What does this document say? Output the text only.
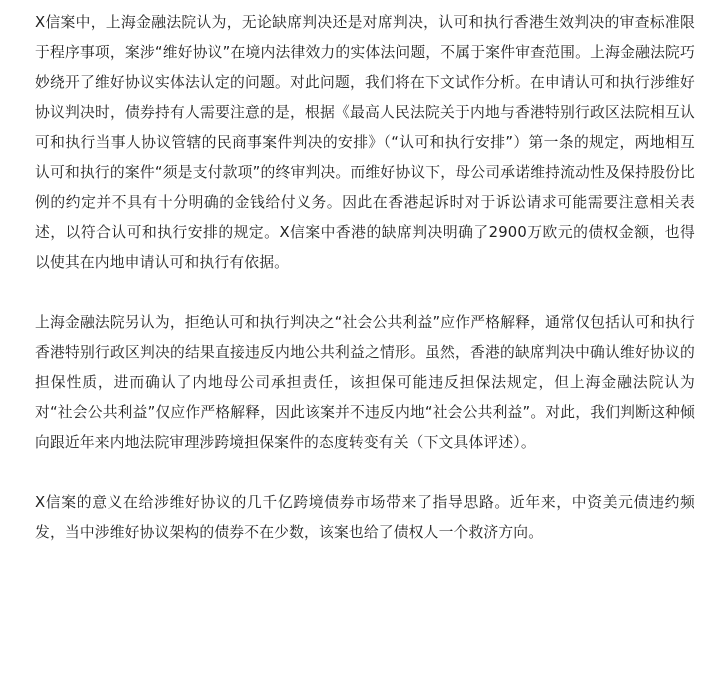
X信案中，上海金融法院认为，无论缺席判决还是对席判决，认可和执行香港生效判决的审查标准限于程序事项，案涉“维好协议”在境内法律效力的实体法问题，不属于案件审查范围。上海金融法院巧妙绕开了维好协议实体法认定的问题。对此问题，我们将在下文试作分析。在申请认可和执行涉维好协议判决时，债券持有人需要注意的是，根据《最高人民法院关于内地与香港特别行政区法院相互认可和执行当事人协议管辖的民商事案件判决的安排》（“认可和执行安排”）第一条的规定，两地相互认可和执行的案件“须是支付款项”的终审判决。而维好协议下，母公司承诺维持流动性及保持股份比例的约定并不具有十分明确的金钱给付义务。因此在香港起诉时对于诉讼请求可能需要注意相关表述，以符合认可和执行安排的规定。X信案中香港的缺席判决明确了2900万欧元的债权金额，也得以使其在内地申请认可和执行有依据。

上海金融法院另认为，拒绝认可和执行判决之“社会公共利益”应作严格解释，通常仅包括认可和执行香港特别行政区判决的结果直接违反内地公共利益之情形。虽然，香港的缺席判决中确认维好协议的担保性质，进而确认了内地母公司承担责任，该担保可能违反担保法规定，但上海金融法院认为对“社会公共利益”仅应作严格解释，因此该案并不违反内地“社会公共利益”。对此，我们判断这种倾向跟近年来内地法院审理涉跨境担保案件的态度转变有关（下文具体评述）。

X信案的意义在给涉维好协议的几千亿跨境债券市场带来了指导思路。近年来，中资美元债违约频发，当中涉维好协议架构的债券不在少数，该案也给了债权人一个救济方向。
